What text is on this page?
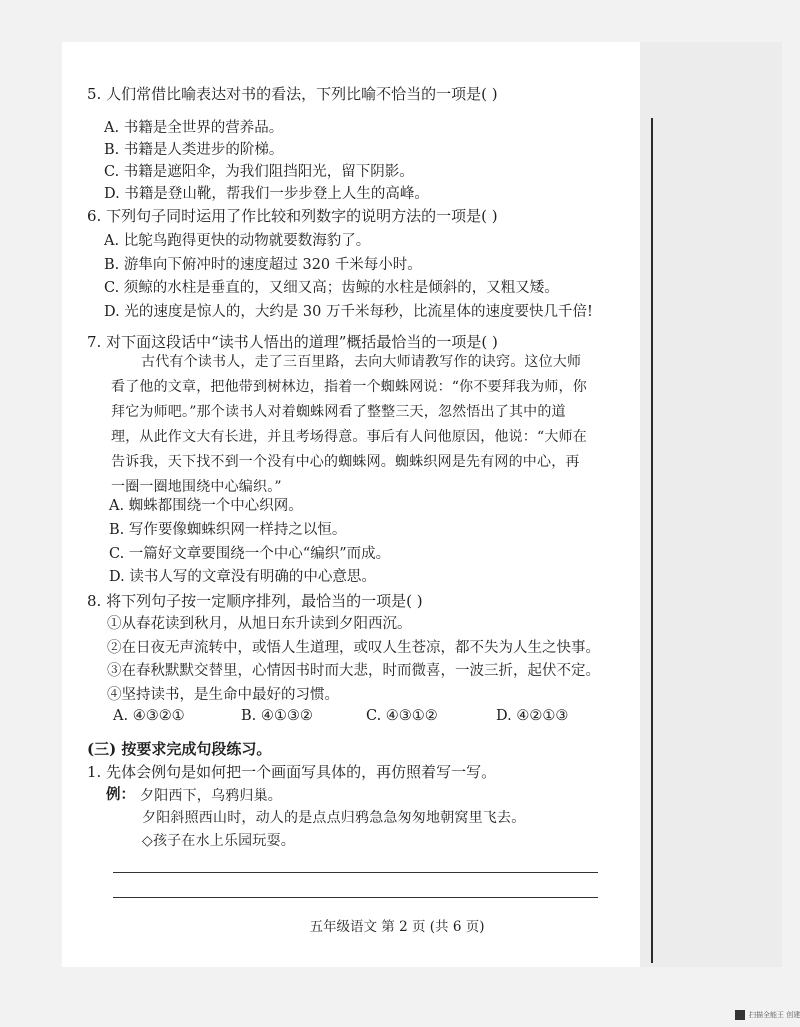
5. 人们常借比喻表达对书的看法，下列比喻不恰当的一项是( )
A. 书籍是全世界的营养品。
B. 书籍是人类进步的阶梯。
C. 书籍是遮阳伞，为我们阻挡阳光，留下阴影。
D. 书籍是登山靴，帮我们一步步登上人生的高峰。
6. 下列句子同时运用了作比较和列数字的说明方法的一项是( )
A. 比鸵鸟跑得更快的动物就要数海豹了。
B. 游隼向下俯冲时的速度超过 320 千米每小时。
C. 须鲸的水柱是垂直的，又细又高；齿鲸的水柱是倾斜的，又粗又矮。
D. 光的速度是惊人的，大约是 30 万千米每秒，比流星体的速度要快几千倍!
7. 对下面这段话中“读书人悟出的道理”概括最恰当的一项是( )
古代有个读书人，走了三百里路，去向大师请教写作的诀窍。这位大师
看了他的文章，把他带到树林边，指着一个蜘蛛网说：“你不要拜我为师，你
拜它为师吧。”那个读书人对着蜘蛛网看了整整三天，忽然悟出了其中的道
理，从此作文大有长进，并且考场得意。事后有人问他原因，他说：“大师在
告诉我，天下找不到一个没有中心的蜘蛛网。蜘蛛织网是先有网的中心，再
一圈一圈地围绕中心编织。”
A. 蜘蛛都围绕一个中心织网。
B. 写作要像蜘蛛织网一样持之以恒。
C. 一篇好文章要围绕一个中心“编织”而成。
D. 读书人写的文章没有明确的中心意思。
8. 将下列句子按一定顺序排列，最恰当的一项是( )
①从春花读到秋月，从旭日东升读到夕阳西沉。
②在日夜无声流转中，或悟人生道理，或叹人生苍凉，都不失为人生之快事。
③在春秋默默交替里，心情因书时而大悲，时而微喜，一波三折，起伏不定。
④坚持读书，是生命中最好的习惯。
A. ④③②①	B. ④①③②	C. ④③①②	D. ④②①③
(三) 按要求完成句段练习。
1. 先体会例句是如何把一个画面写具体的，再仿照着写一写。
例： 夕阳西下，乌鸦归巢。
夕阳斜照西山时，动人的是点点归鸦急急匆匆地朝窝里飞去。
◇孩子在水上乐园玩耍。
五年级语文 第 2 页 (共 6 页)
扫描全能王 创建
